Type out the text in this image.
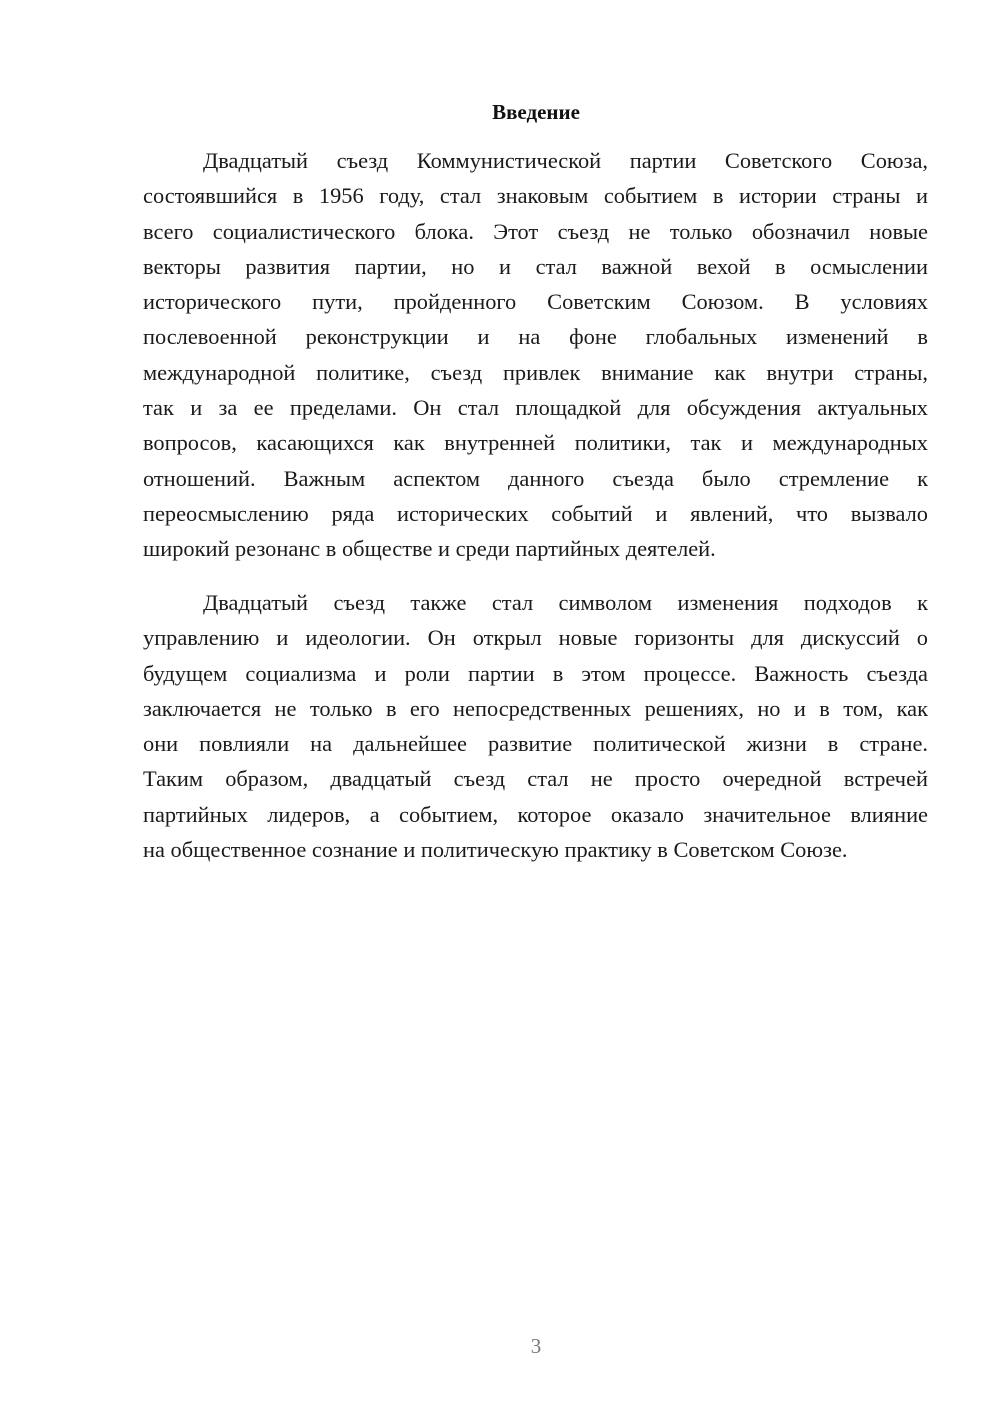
Введение
Двадцатый съезд Коммунистической партии Советского Союза,
состоявшийся в 1956 году, стал знаковым событием в истории страны и
всего социалистического блока. Этот съезд не только обозначил новые
векторы развития партии, но и стал важной вехой в осмыслении
исторического пути, пройденного Советским Союзом. В условиях
послевоенной реконструкции и на фоне глобальных изменений в
международной политике, съезд привлек внимание как внутри страны,
так и за ее пределами. Он стал площадкой для обсуждения актуальных
вопросов, касающихся как внутренней политики, так и международных
отношений. Важным аспектом данного съезда было стремление к
переосмыслению ряда исторических событий и явлений, что вызвало
широкий резонанс в обществе и среди партийных деятелей.
Двадцатый съезд также стал символом изменения подходов к
управлению и идеологии. Он открыл новые горизонты для дискуссий о
будущем социализма и роли партии в этом процессе. Важность съезда
заключается не только в его непосредственных решениях, но и в том, как
они повлияли на дальнейшее развитие политической жизни в стране.
Таким образом, двадцатый съезд стал не просто очередной встречей
партийных лидеров, а событием, которое оказало значительное влияние
на общественное сознание и политическую практику в Советском Союзе.
3
